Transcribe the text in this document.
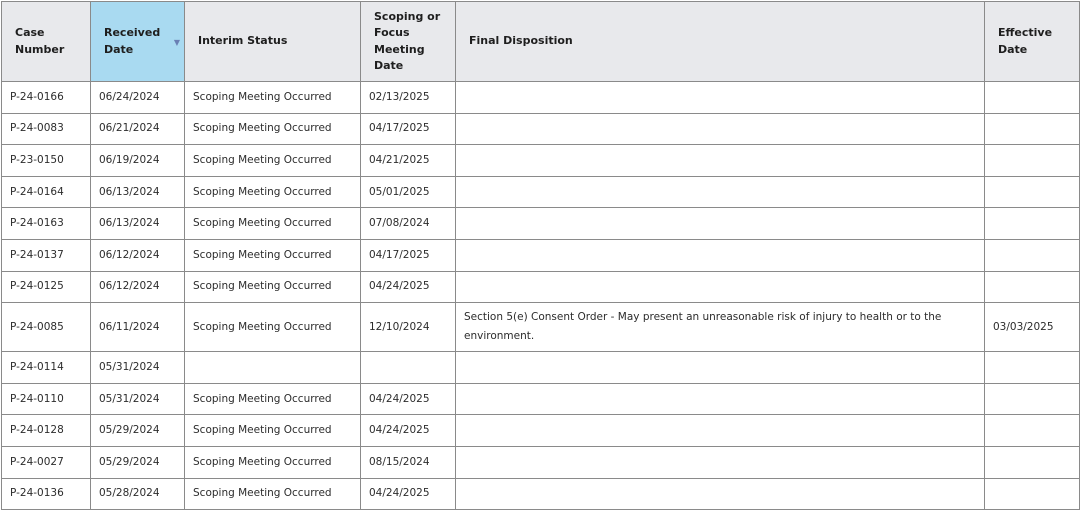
Case Number	Received Date ▼	Interim Status	Scoping or Focus Meeting Date	Final Disposition	Effective Date
P-24-0166	06/24/2024	Scoping Meeting Occurred	02/13/2025		
P-24-0083	06/21/2024	Scoping Meeting Occurred	04/17/2025		
P-23-0150	06/19/2024	Scoping Meeting Occurred	04/21/2025		
P-24-0164	06/13/2024	Scoping Meeting Occurred	05/01/2025		
P-24-0163	06/13/2024	Scoping Meeting Occurred	07/08/2024		
P-24-0137	06/12/2024	Scoping Meeting Occurred	04/17/2025		
P-24-0125	06/12/2024	Scoping Meeting Occurred	04/24/2025		
P-24-0085	06/11/2024	Scoping Meeting Occurred	12/10/2024	Section 5(e) Consent Order - May present an unreasonable risk of injury to health or to the environment.	03/03/2025
P-24-0114	05/31/2024				
P-24-0110	05/31/2024	Scoping Meeting Occurred	04/24/2025		
P-24-0128	05/29/2024	Scoping Meeting Occurred	04/24/2025		
P-24-0027	05/29/2024	Scoping Meeting Occurred	08/15/2024		
P-24-0136	05/28/2024	Scoping Meeting Occurred	04/24/2025		
